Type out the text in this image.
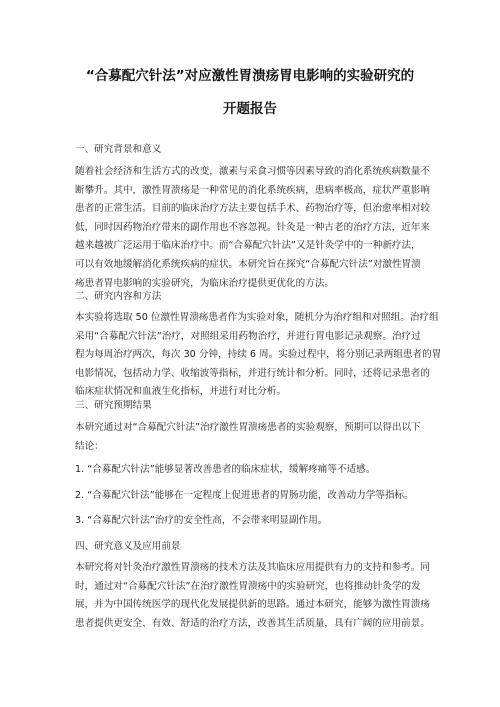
“合募配穴针法”对应激性胃溃疡胃电影响的实验研究的
开题报告
一、研究背景和意义
随着社会经济和生活方式的改变，激素与采食习惯等因素导致的消化系统疾病数量不
断攀升。其中，激性胃溃疡是一种常见的消化系统疾病，患病率极高，症状严重影响
患者的正常生活。目前的临床治疗方法主要包括手术、药物治疗等，但治愈率相对较
低，同时因药物治疗带来的副作用也不容忽视。针灸是一种古老的治疗方法，近年来
越来越被广泛运用于临床治疗中。而“合募配穴针法”又是针灸学中的一种新疗法，
可以有效地缓解消化系统疾病的症状。本研究旨在探究“合募配穴针法”对激性胃溃
疡患者胃电影响的实验研究，为临床治疗提供更优化的方法。
二、研究内容和方法
本实验将选取 50 位激性胃溃疡患者作为实验对象，随机分为治疗组和对照组。治疗组
采用“合募配穴针法”治疗，对照组采用药物治疗，并进行胃电影记录观察。治疗过
程为每周治疗两次，每次 30 分钟，持续 6 周。实验过程中，将分别记录两组患者的胃
电影情况，包括动力学、收缩波等指标，并进行统计和分析。同时，还将记录患者的
临床症状情况和血液生化指标，并进行对比分析。
三、研究预期结果
本研究通过对“合募配穴针法”治疗激性胃溃疡患者的实验观察，预期可以得出以下
结论：
1. “合募配穴针法”能够显著改善患者的临床症状，缓解疼痛等不适感。
2. “合募配穴针法”能够在一定程度上促进患者的胃肠功能，改善动力学等指标。
3. “合募配穴针法”治疗的安全性高，不会带来明显副作用。
四、研究意义及应用前景
本研究将对针灸治疗激性胃溃疡的技术方法及其临床应用提供有力的支持和参考。同
时，通过对“合募配穴针法”在治疗激性胃溃疡中的实验研究，也将推动针灸学的发
展，并为中国传统医学的现代化发展提供新的思路。通过本研究，能够为激性胃溃疡
患者提供更安全、有效、舒适的治疗方法，改善其生活质量，具有广阔的应用前景。
